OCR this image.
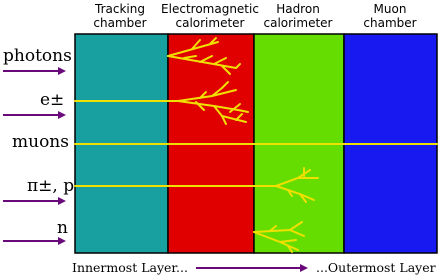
Tracking
chamber
Electromagnetic
calorimeter
Hadron
calorimeter
Muon
chamber
photons
e±
muons
π±, p
n
Innermost Layer...	...Outermost Layer
